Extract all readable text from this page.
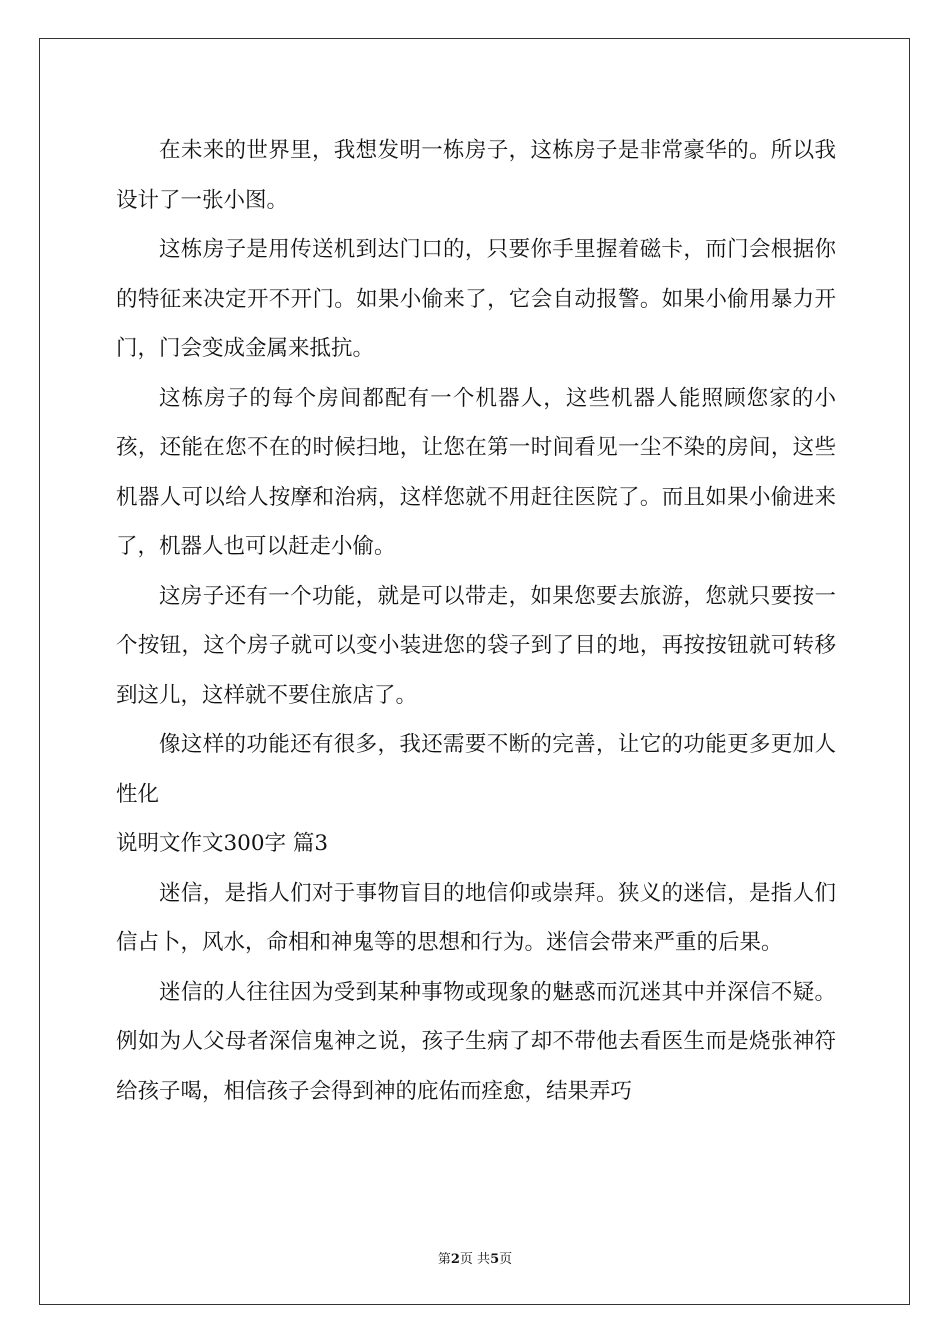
在未来的世界里，我想发明一栋房子，这栋房子是非常豪华的。所以我设计了一张小图。

这栋房子是用传送机到达门口的，只要你手里握着磁卡，而门会根据你的特征来决定开不开门。如果小偷来了，它会自动报警。如果小偷用暴力开门，门会变成金属来抵抗。

这栋房子的每个房间都配有一个机器人，这些机器人能照顾您家的小孩，还能在您不在的时候扫地，让您在第一时间看见一尘不染的房间，这些机器人可以给人按摩和治病，这样您就不用赶往医院了。而且如果小偷进来了，机器人也可以赶走小偷。

这房子还有一个功能，就是可以带走，如果您要去旅游，您就只要按一个按钮，这个房子就可以变小装进您的袋子到了目的地，再按按钮就可转移到这儿，这样就不要住旅店了。

像这样的功能还有很多，我还需要不断的完善，让它的功能更多更加人性化

说明文作文300字 篇3

迷信，是指人们对于事物盲目的地信仰或崇拜。狭义的迷信，是指人们信占卜，风水，命相和神鬼等的思想和行为。迷信会带来严重的后果。

迷信的人往往因为受到某种事物或现象的魅惑而沉迷其中并深信不疑。例如为人父母者深信鬼神之说，孩子生病了却不带他去看医生而是烧张神符给孩子喝，相信孩子会得到神的庇佑而痊愈，结果弄巧

第2页 共5页
